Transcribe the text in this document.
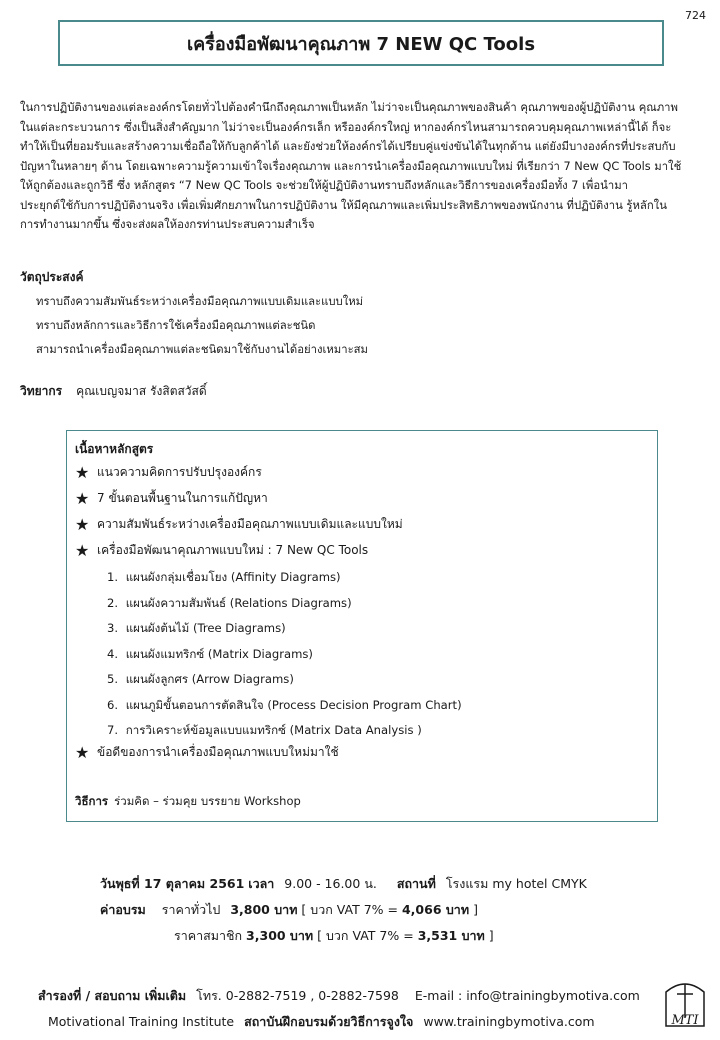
724
เครื่องมือพัฒนาคุณภาพ 7 NEW QC Tools
ในการปฏิบัติงานของแต่ละองค์กรโดยทั่วไปต้องคำนึกถึงคุณภาพเป็นหลัก ไม่ว่าจะเป็นคุณภาพของสินค้า คุณภาพของผู้ปฏิบัติงาน คุณภาพ
ในแต่ละกระบวนการ ซึ่งเป็นสิ่งสำคัญมาก ไม่ว่าจะเป็นองค์กรเล็ก หรือองค์กรใหญ่ หากองค์กรไหนสามารถควบคุมคุณภาพเหล่านี้ได้ ก็จะ
ทำให้เป็นที่ยอมรับและสร้างความเชื่อถือให้กับลูกค้าได้ และยังช่วยให้องค์กรได้เปรียบคู่แข่งขันได้ในทุกด้าน แต่ยังมีบางองค์กรที่ประสบกับ
ปัญหาในหลายๆ ด้าน โดยเฉพาะความรู้ความเข้าใจเรื่องคุณภาพ และการนำเครื่องมือคุณภาพแบบใหม่ ที่เรียกว่า 7 New QC Tools มาใช้
ให้ถูกต้องและถูกวิธี ซึ่ง หลักสูตร “7 New QC Tools จะช่วยให้ผู้ปฏิบัติงานทราบถึงหลักและวิธีการของเครื่องมือทั้ง 7 เพื่อนำมา
ประยุกต์ใช้กับการปฏิบัติงานจริง เพื่อเพิ่มศักยภาพในการปฏิบัติงาน ให้มีคุณภาพและเพิ่มประสิทธิภาพของพนักงาน ที่ปฏิบัติงาน รู้หลักใน
การทำงานมากขึ้น ซึ่งจะส่งผลให้องกรท่านประสบความสำเร็จ
วัตถุประสงค์
ทราบถึงความสัมพันธ์ระหว่างเครื่องมือคุณภาพแบบเดิมและแบบใหม่
ทราบถึงหลักการและวิธีการใช้เครื่องมือคุณภาพแต่ละชนิด
สามารถนำเครื่องมือคุณภาพแต่ละชนิดมาใช้กับงานได้อย่างเหมาะสม
วิทยากร คุณเบญจมาส รังสิตสวัสดิ์
เนื้อหาหลักสูตร
★ แนวความคิดการปรับปรุงองค์กร
★ 7 ขั้นตอนพื้นฐานในการแก้ปัญหา
★ ความสัมพันธ์ระหว่างเครื่องมือคุณภาพแบบเดิมและแบบใหม่
★ เครื่องมือพัฒนาคุณภาพแบบใหม่ : 7 New QC Tools
1. แผนผังกลุ่มเชื่อมโยง (Affinity Diagrams)
2. แผนผังความสัมพันธ์ (Relations Diagrams)
3. แผนผังต้นไม้ (Tree Diagrams)
4. แผนผังแมทริกซ์ (Matrix Diagrams)
5. แผนผังลูกศร (Arrow Diagrams)
6. แผนภูมิขั้นตอนการตัดสินใจ (Process Decision Program Chart)
7. การวิเคราะห์ข้อมูลแบบแมทริกซ์ (Matrix Data Analysis )
★ ข้อดีของการนำเครื่องมือคุณภาพแบบใหม่มาใช้
วิธีการ ร่วมคิด – ร่วมคุย บรรยาย Workshop
วันพุธที่ 17 ตุลาคม 2561 เวลา 9.00 - 16.00 น. สถานที่ โรงแรม my hotel CMYK
ค่าอบรม ราคาทั่วไป 3,800 บาท [ บวก VAT 7% = 4,066 บาท ]
ราคาสมาชิก 3,300 บาท [ บวก VAT 7% = 3,531 บาท ]
สำรองที่ / สอบถาม เพิ่มเติม โทร. 0-2882-7519 , 0-2882-7598 E-mail : info@trainingbymotiva.com
Motivational Training Institute สถาบันฝึกอบรมด้วยวิธีการจูงใจ www.trainingbymotiva.com	MTI
